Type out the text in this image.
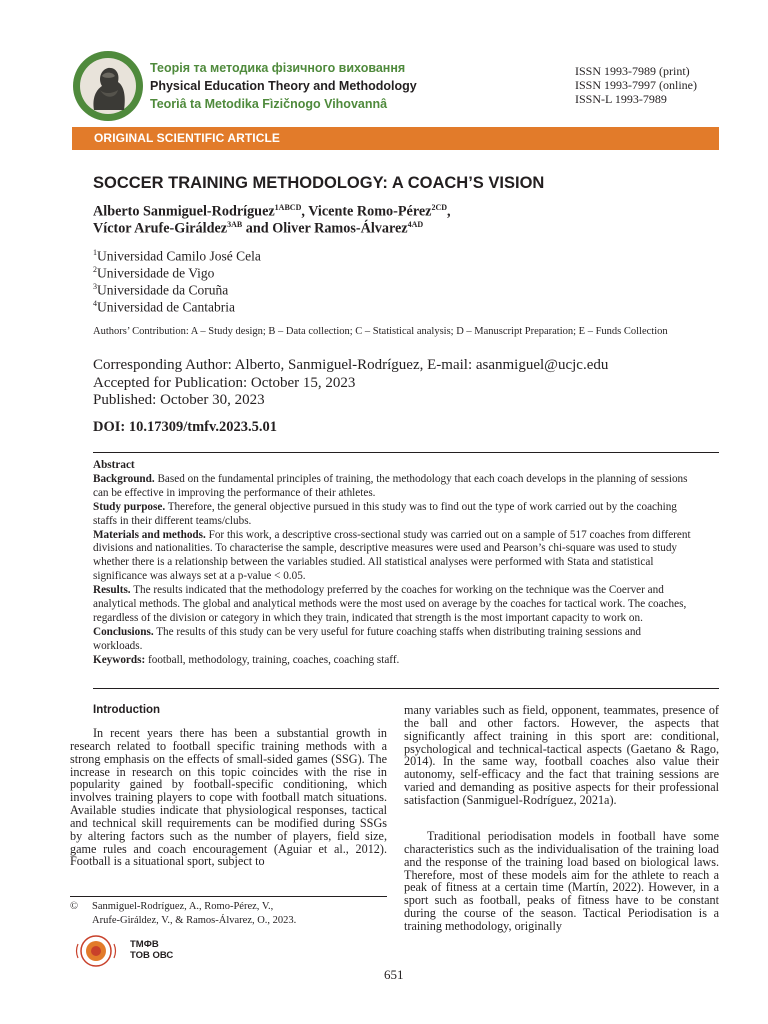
Теорія та методика фізичного виховання
Physical Education Theory and Methodology
Teorìâ ta Metodika Fìzičnogo Vihovannâ
ISSN 1993-7989 (print)
ISSN 1993-7997 (online)
ISSN-L 1993-7989
ORIGINAL SCIENTIFIC ARTICLE
SOCCER TRAINING METHODOLOGY: A COACH’S VISION
Alberto Sanmiguel-Rodríguez$^{1ABCD}$, Vicente Romo-Pérez$^{2CD}$,
Víctor Arufe-Giráldez$^{3AB}$ and Oliver Ramos-Álvarez$^{4AD}$
$^1$Universidad Camilo José Cela
$^2$Universidade de Vigo
$^3$Universidade da Coruña
$^4$Universidad de Cantabria
Authors’ Contribution: A – Study design; B – Data collection; C – Statistical analysis; D – Manuscript Preparation; E – Funds Collection
Corresponding Author: Alberto, Sanmiguel-Rodríguez, E-mail: asanmiguel@ucjc.edu
Accepted for Publication: October 15, 2023
Published: October 30, 2023
DOI: 10.17309/tmfv.2023.5.01

Abstract

Background. Based on the fundamental principles of training, the methodology that each coach develops in the planning of sessions can be effective in improving the performance of their athletes.

Study purpose. Therefore, the general objective pursued in this study was to find out the type of work carried out by the coaching staffs in their different teams/clubs.

Materials and methods. For this work, a descriptive cross-sectional study was carried out on a sample of 517 coaches from different divisions and nationalities. To characterise the sample, descriptive measures were used and Pearson’s chi-square was used to study whether there is a relationship between the variables studied. All statistical analyses were performed with Stata and statistical significance was always set at a p-value < 0.05.

Results. The results indicated that the methodology preferred by the coaches for working on the technique was the Coerver and analytical methods. The global and analytical methods were the most used on average by the coaches for tactical work. The coaches, regardless of the division or category in which they train, indicated that strength is the most important capacity to work on.

Conclusions. The results of this study can be very useful for future coaching staffs when distributing training sessions and workloads.

Keywords: football, methodology, training, coaches, coaching staff.

Introduction
In recent years there has been a substantial growth in research related to football specific training methods with a strong emphasis on the effects of small-sided games (SSG). The increase in research on this topic coincides with the rise in popularity gained by football-specific conditioning, which involves training players to cope with football match situations. Available studies indicate that physiological responses, tactical and technical skill requirements can be modified during SSGs by altering factors such as the number of players, field size, game rules and coach encouragement (Aguiar et al., 2012). Football is a situational sport, subject to
many variables such as field, opponent, teammates, presence of the ball and other factors. However, the aspects that significantly affect training in this sport are: conditional, psychological and technical-tactical aspects (Gaetano & Rago, 2014). In the same way, football coaches also value their autonomy, self-efficacy and the fact that training sessions are varied and demanding as positive aspects for their professional satisfaction (Sanmiguel-Rodríguez, 2021a).
Traditional periodisation models in football have some characteristics such as the individualisation of the training load and the response of the training load based on biological laws. Therefore, most of these models aim for the athlete to reach a peak of fitness at a certain time (Martín, 2022). However, in a sport such as football, peaks of fitness have to be constant during the course of the season. Tactical Periodisation is a training methodology, originally
© Sanmiguel-Rodríguez, A., Romo-Pérez, V.,
Arufe-Giráldez, V., & Ramos-Álvarez, O., 2023.
ТМФВ
ТОВ ОВС
651
